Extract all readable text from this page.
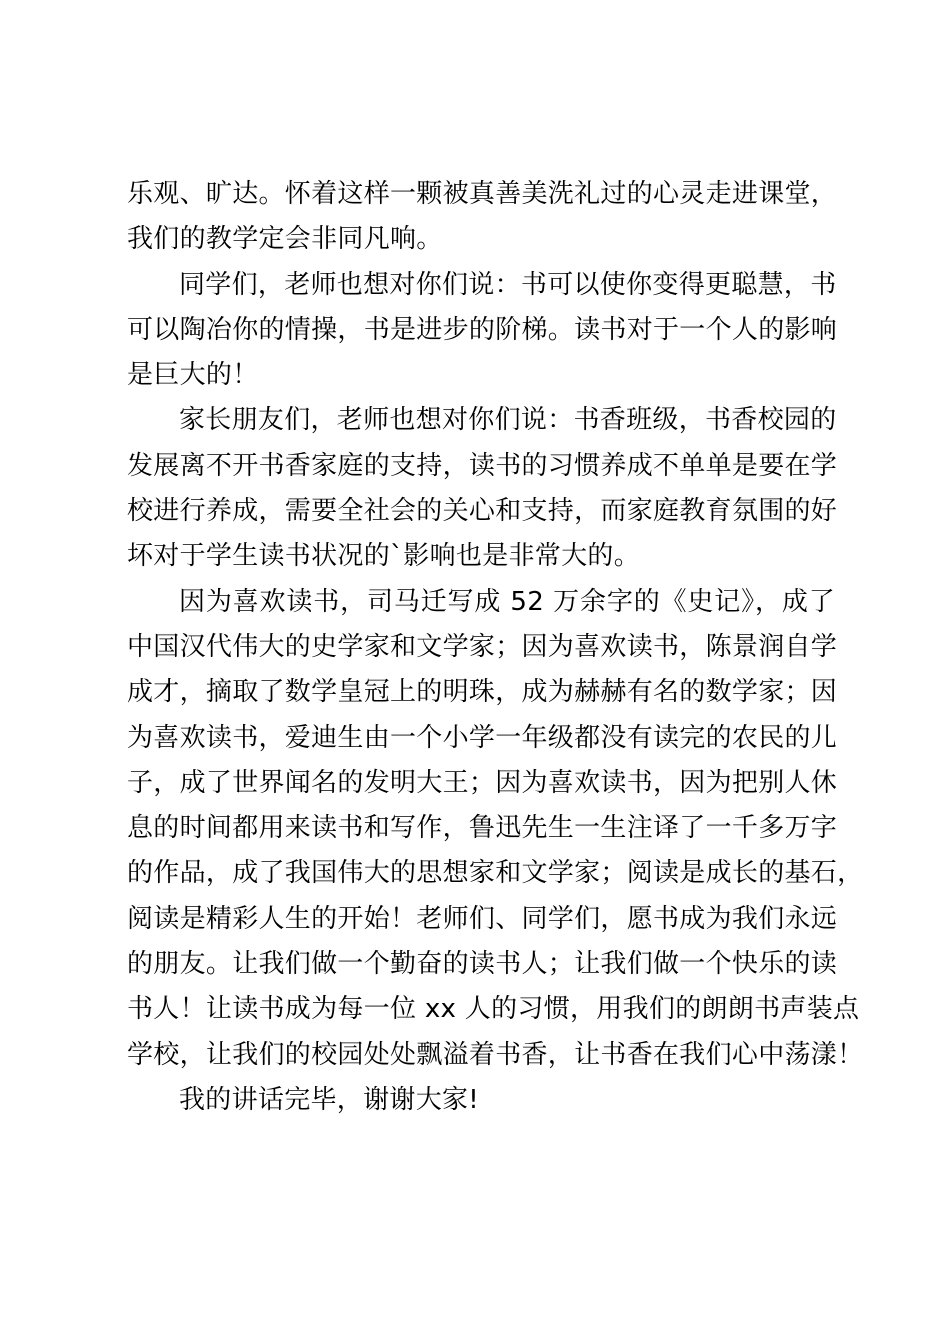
乐观、旷达。怀着这样一颗被真善美洗礼过的心灵走进课堂，
我们的教学定会非同凡响。
同学们，老师也想对你们说：书可以使你变得更聪慧，书
可以陶冶你的情操，书是进步的阶梯。读书对于一个人的影响
是巨大的！
家长朋友们，老师也想对你们说：书香班级，书香校园的
发展离不开书香家庭的支持，读书的习惯养成不单单是要在学
校进行养成，需要全社会的关心和支持，而家庭教育氛围的好
坏对于学生读书状况的`影响也是非常大的。
因为喜欢读书，司马迁写成 52 万余字的《史记》，成了
中国汉代伟大的史学家和文学家；因为喜欢读书，陈景润自学
成才，摘取了数学皇冠上的明珠，成为赫赫有名的数学家；因
为喜欢读书，爱迪生由一个小学一年级都没有读完的农民的儿
子，成了世界闻名的发明大王；因为喜欢读书，因为把别人休
息的时间都用来读书和写作，鲁迅先生一生注译了一千多万字
的作品，成了我国伟大的思想家和文学家；阅读是成长的基石，
阅读是精彩人生的开始！老师们、同学们，愿书成为我们永远
的朋友。让我们做一个勤奋的读书人；让我们做一个快乐的读
书人！让读书成为每一位 xx 人的习惯，用我们的朗朗书声装点
学校，让我们的校园处处飘溢着书香，让书香在我们心中荡漾！
我的讲话完毕，谢谢大家!
